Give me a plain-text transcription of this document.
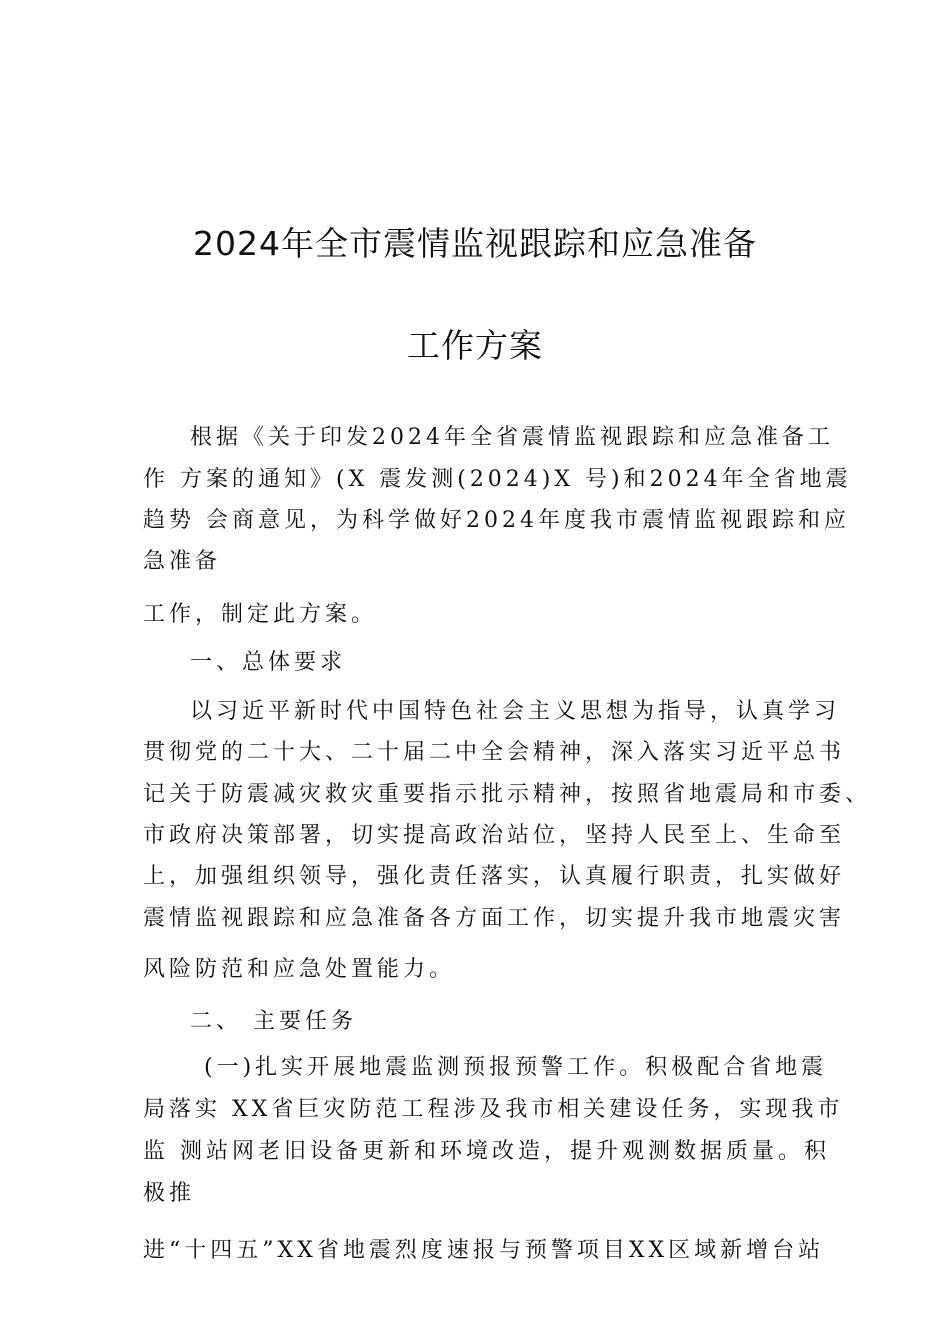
2024年全市震情监视跟踪和应急准备
工作方案

根据《关于印发2024年全省震情监视跟踪和应急准备工

作 方案的通知》(X 震发测(2024)X 号)和2024年全省地震

趋势 会商意见，为科学做好2024年度我市震情监视跟踪和应

急准备

工作，制定此方案。

一、总体要求

以习近平新时代中国特色社会主义思想为指导，认真学习

贯彻党的二十大、二十届二中全会精神，深入落实习近平总书

记关于防震减灾救灾重要指示批示精神，按照省地震局和市委、

市政府决策部署，切实提高政治站位，坚持人民至上、生命至

上，加强组织领导，强化责任落实，认真履行职责，扎实做好

震情监视跟踪和应急准备各方面工作，切实提升我市地震灾害

风险防范和应急处置能力。

二、 主要任务

(一)扎实开展地震监测预报预警工作。积极配合省地震

局落实 XX省巨灾防范工程涉及我市相关建设任务，实现我市

监 测站网老旧设备更新和环境改造，提升观测数据质量。积

极推

进“十四五”XX省地震烈度速报与预警项目XX区域新增台站
